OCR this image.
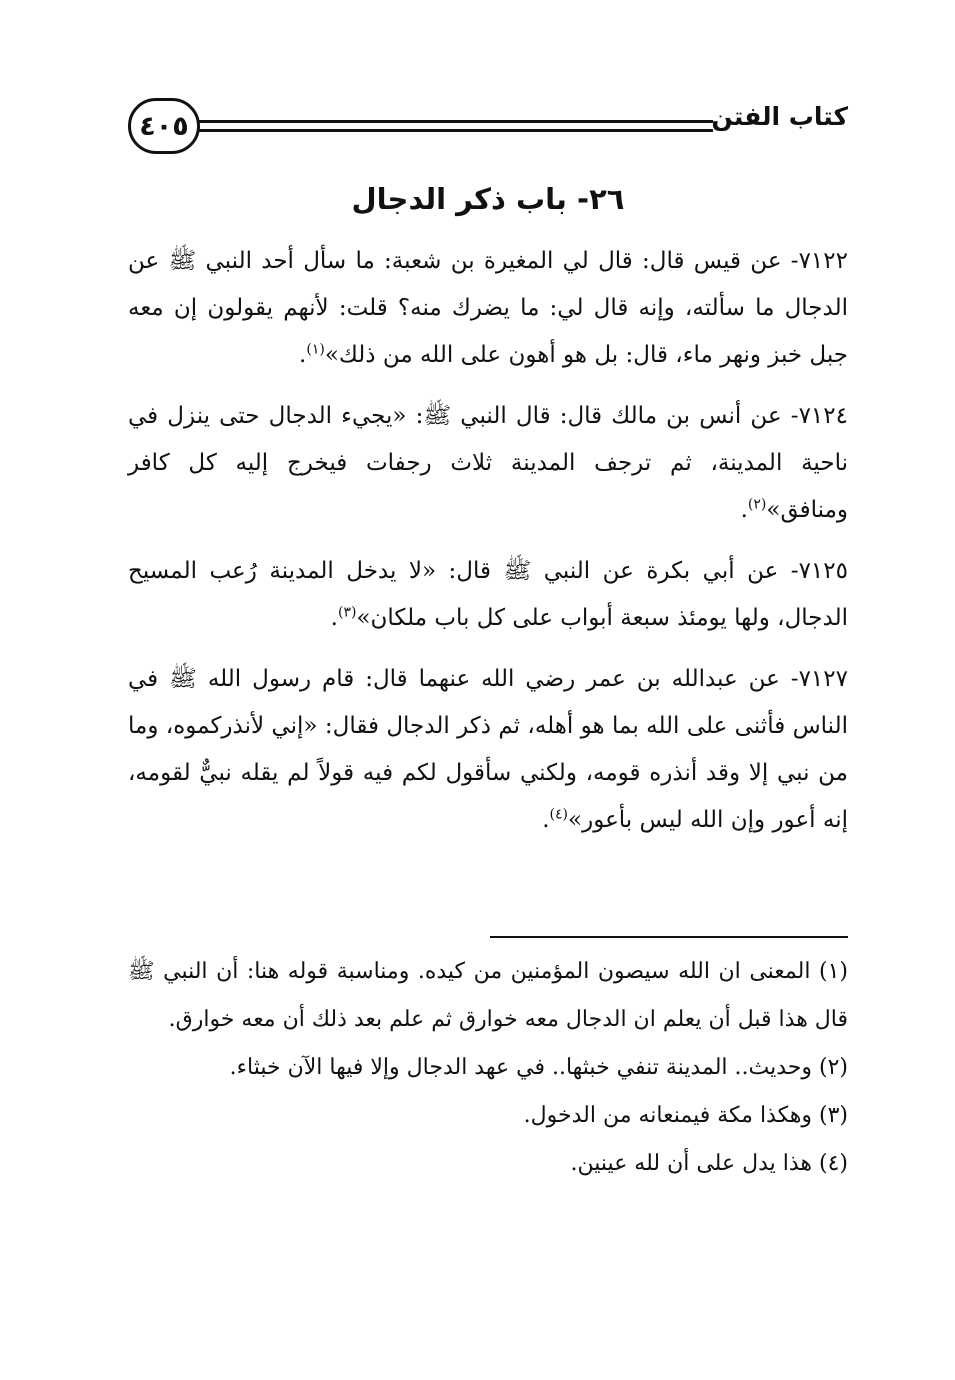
كتاب الفتن
٤٠٥
٢٦- باب ذكر الدجال

٧١٢٢- عن قيس قال: قال لي المغيرة بن شعبة: ما سأل أحد النبي ﷺ عن الدجال ما سألته، وإنه قال لي: ما يضرك منه؟ قلت: لأنهم يقولون إن معه جبل خبز ونهر ماء، قال: بل هو أهون على الله من ذلك»$^{(١)}$.

٧١٢٤- عن أنس بن مالك قال: قال النبي ﷺ: «يجيء الدجال حتى ينزل في ناحية المدينة، ثم ترجف المدينة ثلاث رجفات فيخرج إليه كل كافر ومنافق»$^{(٢)}$.

٧١٢٥- عن أبي بكرة عن النبي ﷺ قال: «لا يدخل المدينة رُعب المسيح الدجال، ولها يومئذ سبعة أبواب على كل باب ملكان»$^{(٣)}$.

٧١٢٧- عن عبدالله بن عمر رضي الله عنهما قال: قام رسول الله ﷺ في الناس فأثنى على الله بما هو أهله، ثم ذكر الدجال فقال: «إني لأنذركموه، وما من نبي إلا وقد أنذره قومه، ولكني سأقول لكم فيه قولاً لم يقله نبيٌّ لقومه، إنه أعور وإن الله ليس بأعور»$^{(٤)}$.

(١) المعنى ان الله سيصون المؤمنين من كيده. ومناسبة قوله هنا: أن النبي ﷺ قال هذا قبل أن يعلم ان الدجال معه خوارق ثم علم بعد ذلك أن معه خوارق.

(٢) وحديث.. المدينة تنفي خبثها.. في عهد الدجال وإلا فيها الآن خبثاء.

(٣) وهكذا مكة فيمنعانه من الدخول.

(٤) هذا يدل على أن لله عينين.
